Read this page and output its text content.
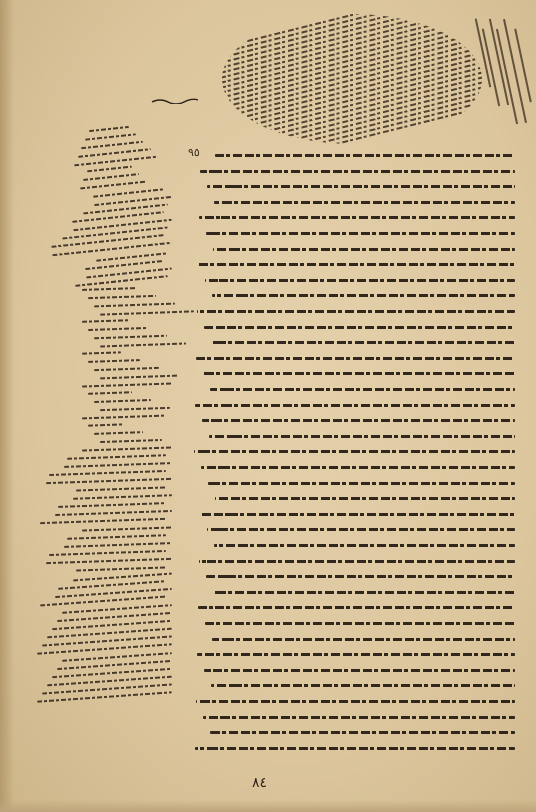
٩٥
٨٤
